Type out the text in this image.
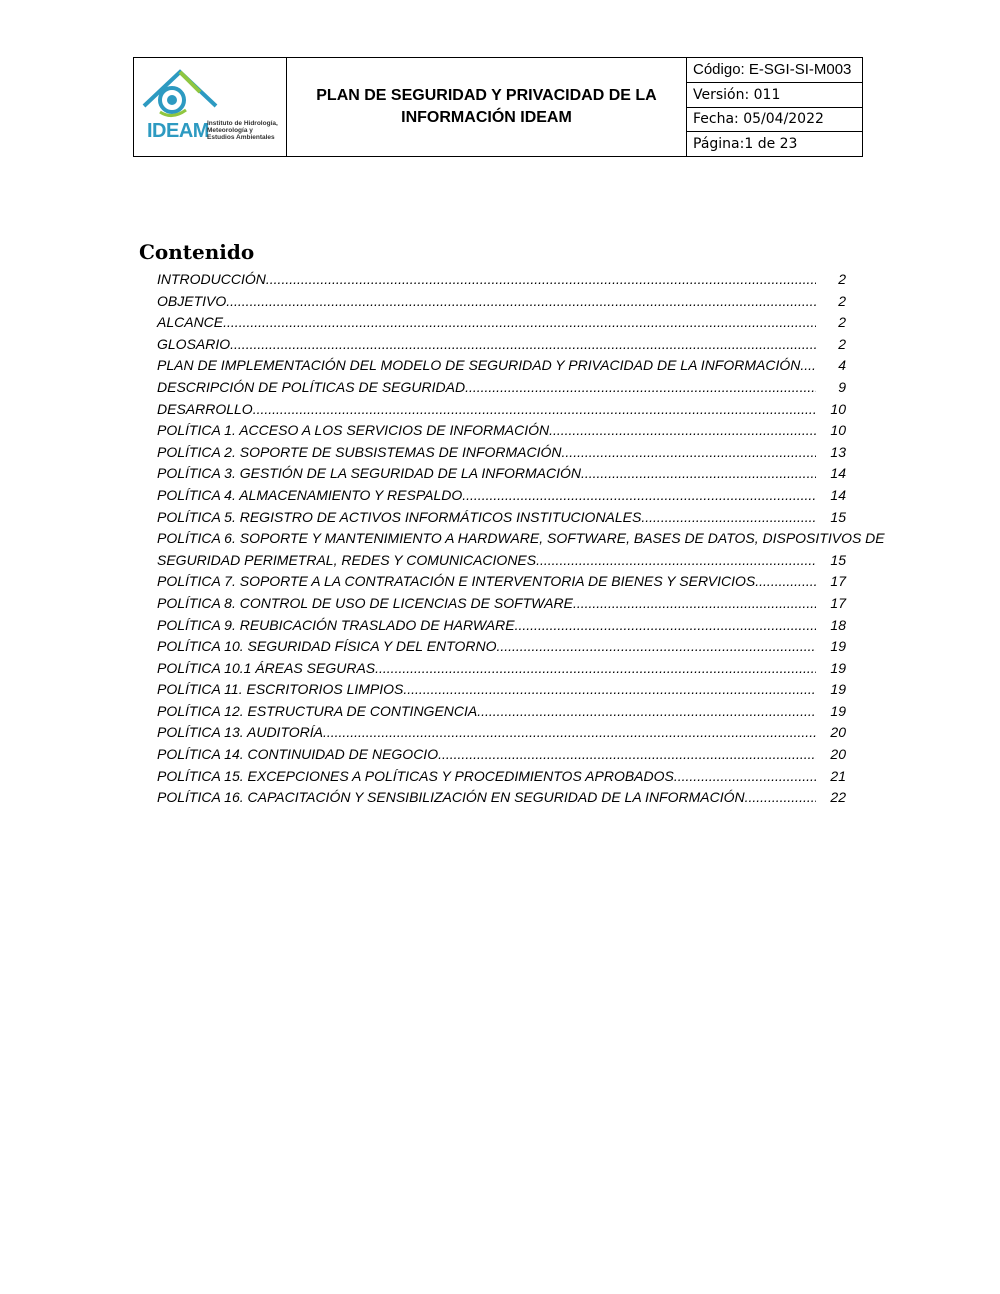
IDEAM
Instituto de Hidrología,
Meteorología y
Estudios Ambientales
PLAN DE SEGURIDAD Y PRIVACIDAD DE LA
INFORMACIÓN IDEAM
Código: E-SGI-SI-M003
Versión: 011
Fecha: 05/04/2022
Página:1 de 23
Contenido
INTRODUCCIÓN .....	2
OBJETIVO .....	2
ALCANCE .....	2
GLOSARIO .....	2
PLAN DE IMPLEMENTACIÓN DEL MODELO DE SEGURIDAD Y PRIVACIDAD DE LA INFORMACIÓN .....	4
DESCRIPCIÓN DE POLÍTICAS DE SEGURIDAD .....	9
DESARROLLO .....	10
POLÍTICA 1. ACCESO A LOS SERVICIOS DE INFORMACIÓN .....	10
POLÍTICA 2. SOPORTE DE SUBSISTEMAS DE INFORMACIÓN .....	13
POLÍTICA 3. GESTIÓN DE LA SEGURIDAD DE LA INFORMACIÓN .....	14
POLÍTICA 4. ALMACENAMIENTO Y RESPALDO .....	14
POLÍTICA 5. REGISTRO DE ACTIVOS INFORMÁTICOS INSTITUCIONALES .....	15
POLÍTICA 6. SOPORTE Y MANTENIMIENTO A HARDWARE, SOFTWARE, BASES DE DATOS, DISPOSITIVOS DE
SEGURIDAD PERIMETRAL, REDES Y COMUNICACIONES .....	15
POLÍTICA 7. SOPORTE A LA CONTRATACIÓN E INTERVENTORIA DE BIENES Y SERVICIOS .....	17
POLÍTICA 8. CONTROL DE USO DE LICENCIAS DE SOFTWARE .....	17
POLÍTICA 9. REUBICACIÓN TRASLADO DE HARWARE .....	18
POLÍTICA 10. SEGURIDAD FÍSICA Y DEL ENTORNO .....	19
POLÍTICA 10.1 ÁREAS SEGURAS .....	19
POLÍTICA 11. ESCRITORIOS LIMPIOS .....	19
POLÍTICA 12. ESTRUCTURA DE CONTINGENCIA .....	19
POLÍTICA 13. AUDITORÍA .....	20
POLÍTICA 14. CONTINUIDAD DE NEGOCIO .....	20
POLÍTICA 15. EXCEPCIONES A POLÍTICAS Y PROCEDIMIENTOS APROBADOS .....	21
POLÍTICA 16. CAPACITACIÓN Y SENSIBILIZACIÓN EN SEGURIDAD DE LA INFORMACIÓN .....	22
